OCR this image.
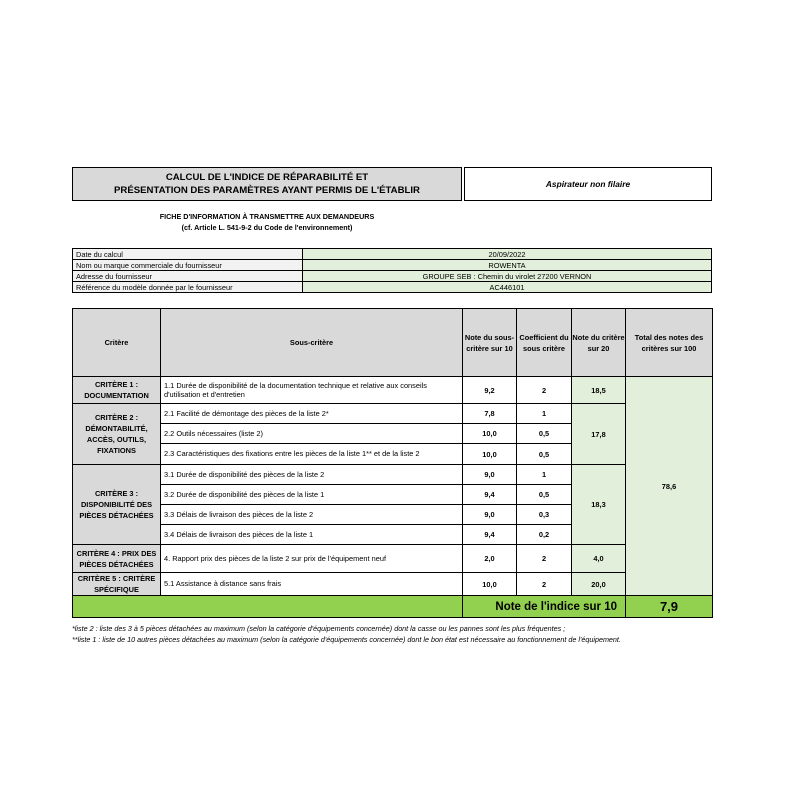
CALCUL DE L'INDICE DE RÉPARABILITÉ ET
PRÉSENTATION DES PARAMÈTRES AYANT PERMIS DE L'ÉTABLIR
Aspirateur non filaire
FICHE D'INFORMATION À TRANSMETTRE AUX DEMANDEURS
(cf. Article L. 541-9-2 du Code de l'environnement)
Date du calcul	20/09/2022
Nom ou marque commerciale du fournisseur	ROWENTA
Adresse du fournisseur	GROUPE SEB : Chemin du virolet 27200 VERNON
Référence du modèle donnée par le fournisseur	AC446101
Critère	Sous-critère	Note du sous-critère sur 10	Coefficient du sous critère	Note du critère sur 20	Total des notes des critères sur 100
CRITÈRE 1 : DOCUMENTATION	1.1 Durée de disponibilité de la documentation technique et relative aux conseils d'utilisation et d'entretien	9,2	2	18,5	78,6
CRITÈRE 2 : DÉMONTABILITÉ, ACCÈS, OUTILS, FIXATIONS	2.1 Facilité de démontage des pièces de la liste 2*	7,8	1	17,8	
	2.2 Outils nécessaires (liste 2)	10,0	0,5		
	2.3 Caractéristiques des fixations entre les pièces de la liste 1** et de la liste 2	10,0	0,5		
CRITÈRE 3 : DISPONIBILITÉ DES PIÈCES DÉTACHÉES	3.1 Durée de disponibilité des pièces de la liste 2	9,0	1	18,3	
	3.2 Durée de disponibilité des pièces de la liste 1	9,4	0,5		
	3.3 Délais de livraison des pièces de la liste 2	9,0	0,3		
	3.4 Délais de livraison des pièces de la liste 1	9,4	0,2		
CRITÈRE 4 : PRIX DES PIÈCES DÉTACHÉES	4. Rapport prix des pièces de la liste 2 sur prix de l'équipement neuf	2,0	2	4,0	
CRITÈRE 5 : CRITÈRE SPÉCIFIQUE	5.1 Assistance à distance sans frais	10,0	2	20,0	
		Note de l'indice sur 10			7,9
*liste 2 : liste des 3 à 5 pièces détachées au maximum (selon la catégorie d'équipements concernée) dont la casse ou les pannes sont les plus fréquentes ;
**liste 1 : liste de 10 autres pièces détachées au maximum (selon la catégorie d'équipements concernée) dont le bon état est nécessaire au fonctionnement de l'équipement.
